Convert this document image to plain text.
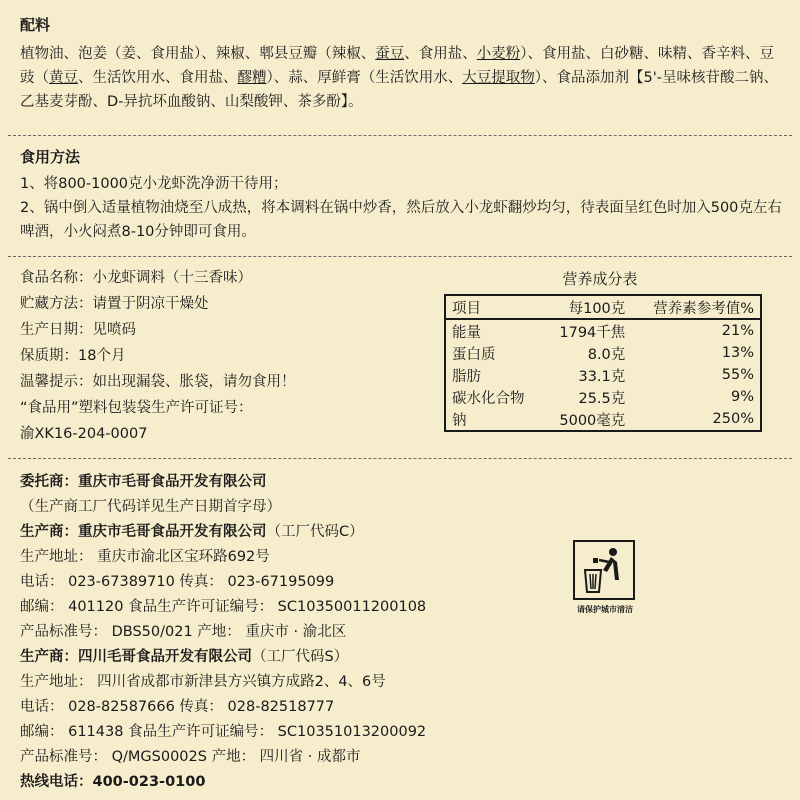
配料
植物油、泡姜（姜、食用盐）、辣椒、郫县豆瓣（辣椒、蚕豆、食用盐、小麦粉）、食用盐、白砂糖、味精、香辛料、豆豉（黄豆、生活饮用水、食用盐、醪糟）、蒜、厚鲜膏（生活饮用水、大豆提取物）、食品添加剂【5'-呈味核苷酸二钠、乙基麦芽酚、D-异抗坏血酸钠、山梨酸钾、茶多酚】。
食用方法
1、将800-1000克小龙虾洗净沥干待用；
2、锅中倒入适量植物油烧至八成热，将本调料在锅中炒香，然后放入小龙虾翻炒均匀，待表面呈红色时加入500克左右啤酒，小火闷煮8-10分钟即可食用。
食品名称：小龙虾调料（十三香味）
贮藏方法：请置于阴凉干燥处
生产日期：见喷码
保质期：18个月
温馨提示：如出现漏袋、胀袋，请勿食用！
“食品用”塑料包装袋生产许可证号：
渝XK16-204-0007
营养成分表
项目	每100克	营养素参考值%
能量	1794千焦	21%
蛋白质	8.0克	13%
脂肪	33.1克	55%
碳水化合物	25.5克	9%
钠	5000毫克	250%
委托商：重庆市毛哥食品开发有限公司
（生产商工厂代码详见生产日期首字母）
生产商：重庆市毛哥食品开发有限公司（工厂代码C）
生产地址： 重庆市渝北区宝环路692号
电话： 023-67389710 传真： 023-67195099
邮编： 401120 食品生产许可证编号： SC10350011200108
产品标准号： DBS50/021 产地： 重庆市 · 渝北区
生产商：四川毛哥食品开发有限公司（工厂代码S）
生产地址： 四川省成都市新津县方兴镇方成路2、4、6号
电话： 028-82587666 传真： 028-82518777
邮编： 611438 食品生产许可证编号： SC10351013200092
产品标准号： Q/MGS0002S 产地： 四川省 · 成都市
热线电话：400-023-0100
请保护城市清洁
